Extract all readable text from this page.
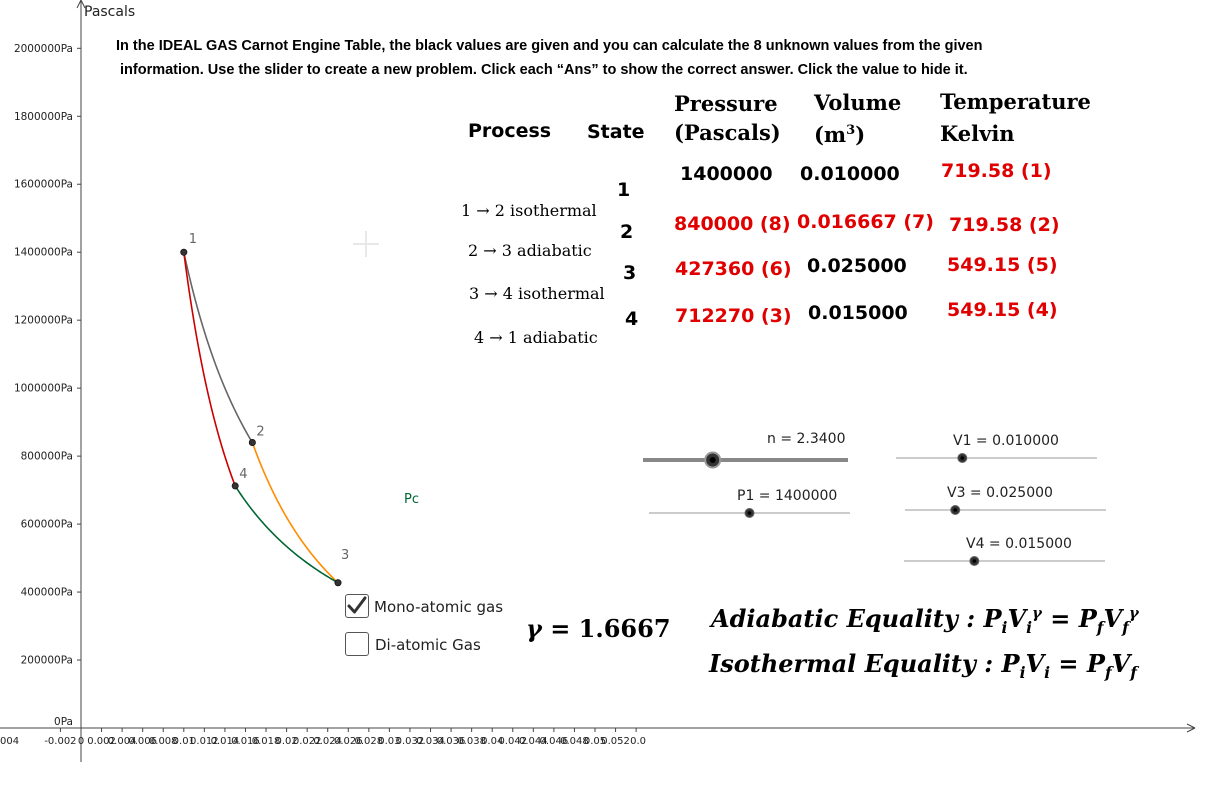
2000000Pa
1800000Pa
1600000Pa
1400000Pa
1200000Pa
1000000Pa
800000Pa
600000Pa
400000Pa
200000Pa
0Pa
004	-0.002 0 0.002
0.004
0.006
0.008
0.01
0.012
0.014
0.016
0.018
0.02
0.022
0.024
0.026
0.028
0.03
0.032
0.034
0.036
0.038
0.04
0.042
0.044
0.046
0.048
0.05
0.052 0.0
Pc
1
2
3
4
Pascals
In the IDEAL GAS Carnot Engine Table, the black values are given and you can calculate the 8 unknown values from the given
information. Use the slider to create a new problem. Click each “Ans” to show the correct answer. Click the value to hide it.
Process State
Pressure
(Pascals)
Volume
$(m^3)$
Temperature
Kelvin
1 → 2 isothermal
2 → 3 adiabatic
3 → 4 isothermal
4 → 1 adiabatic
1
2
3
4
1400000
840000 (8)
427360 (6)
712270 (3)
0.010000
0.016667 (7)
0.025000
0.015000
719.58 (1)
719.58 (2)
549.15 (5)
549.15 (4)
n = 2.3400
P1 = 1400000
V1 = 0.010000
V3 = 0.025000
V4 = 0.015000
Mono-atomic gas
Di-atomic Gas
γ = 1.6667 Adiabatic Equality : $P_iV_i^\gamma = P_fV_f^\gamma$
Isothermal Equality : $P_iV_i = P_fV_f$
